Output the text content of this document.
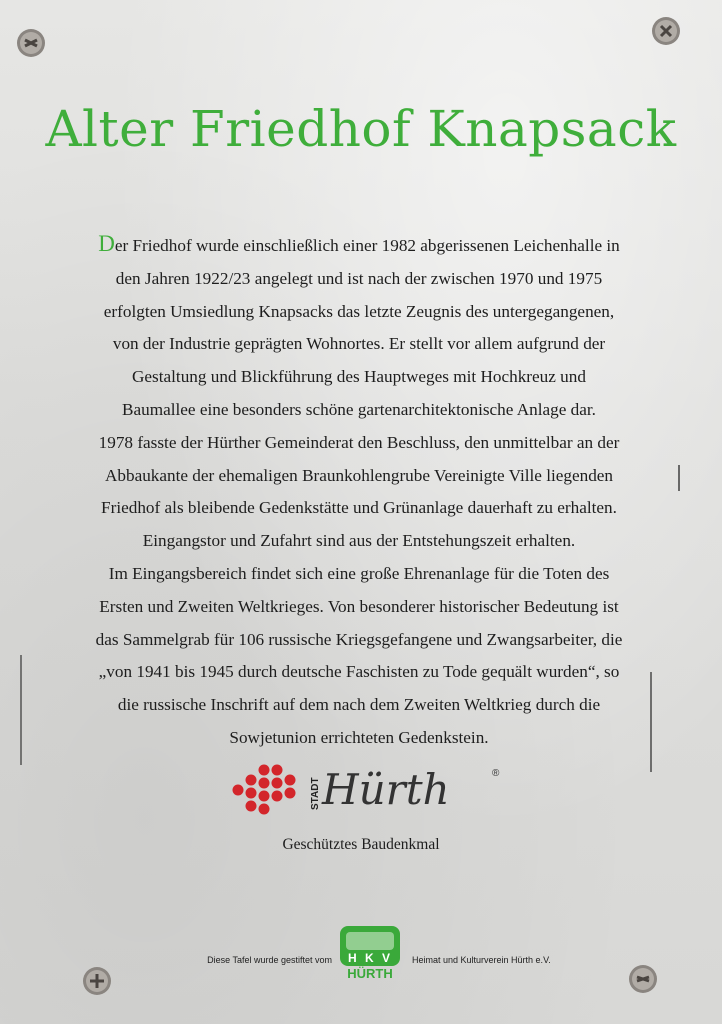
Alter Friedhof Knapsack
Der Friedhof wurde einschließlich einer 1982 abgerissenen Leichenhalle in
den Jahren 1922/23 angelegt und ist nach der zwischen 1970 und 1975
erfolgten Umsiedlung Knapsacks das letzte Zeugnis des untergegangenen,
von der Industrie geprägten Wohnortes. Er stellt vor allem aufgrund der
Gestaltung und Blickführung des Hauptweges mit Hochkreuz und
Baumallee eine besonders schöne gartenarchitektonische Anlage dar.
1978 fasste der Hürther Gemeinderat den Beschluss, den unmittelbar an der
Abbaukante der ehemaligen Braunkohlengrube Vereinigte Ville liegenden
Friedhof als bleibende Gedenkstätte und Grünanlage dauerhaft zu erhalten.
Eingangstor und Zufahrt sind aus der Entstehungszeit erhalten.
Im Eingangsbereich findet sich eine große Ehrenanlage für die Toten des
Ersten und Zweiten Weltkrieges. Von besonderer historischer Bedeutung ist
das Sammelgrab für 106 russische Kriegsgefangene und Zwangsarbeiter, die
„von 1941 bis 1945 durch deutsche Faschisten zu Tode gequält wurden“, so
die russische Inschrift auf dem nach dem Zweiten Weltkrieg durch die
Sowjetunion errichteten Gedenkstein.
STADT Hürth	®
Geschütztes Baudenkmal
Diese Tafel wurde gestiftet vom H K V
HÜRTH
Heimat und Kulturverein Hürth e.V.
